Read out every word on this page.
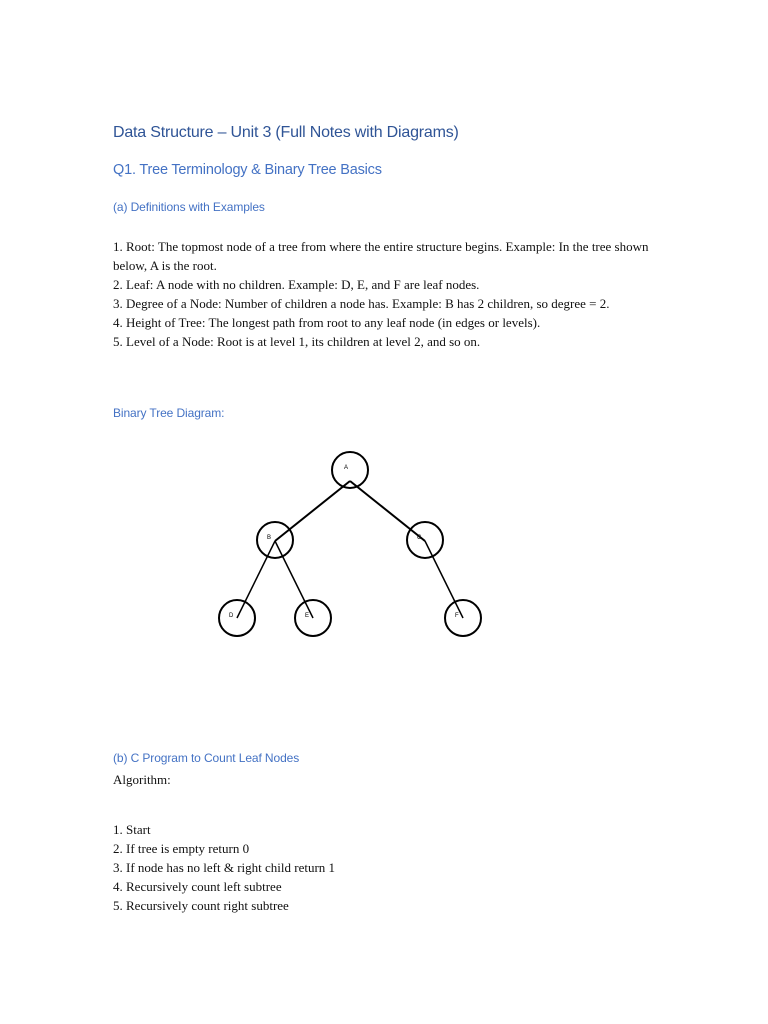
Data Structure – Unit 3 (Full Notes with Diagrams)
Q1. Tree Terminology & Binary Tree Basics
(a) Definitions with Examples

1. Root: The topmost node of a tree from where the entire structure begins. Example: In the tree shown below, A is the root.

2. Leaf: A node with no children. Example: D, E, and F are leaf nodes.

3. Degree of a Node: Number of children a node has. Example: B has 2 children, so degree = 2.

4. Height of Tree: The longest path from root to any leaf node (in edges or levels).

5. Level of a Node: Root is at level 1, its children at level 2, and so on.

Binary Tree Diagram:
A
B	C
D	E	F
(b) C Program to Count Leaf Nodes

Algorithm:

1. Start

2. If tree is empty return 0

3. If node has no left & right child return 1

4. Recursively count left subtree

5. Recursively count right subtree
